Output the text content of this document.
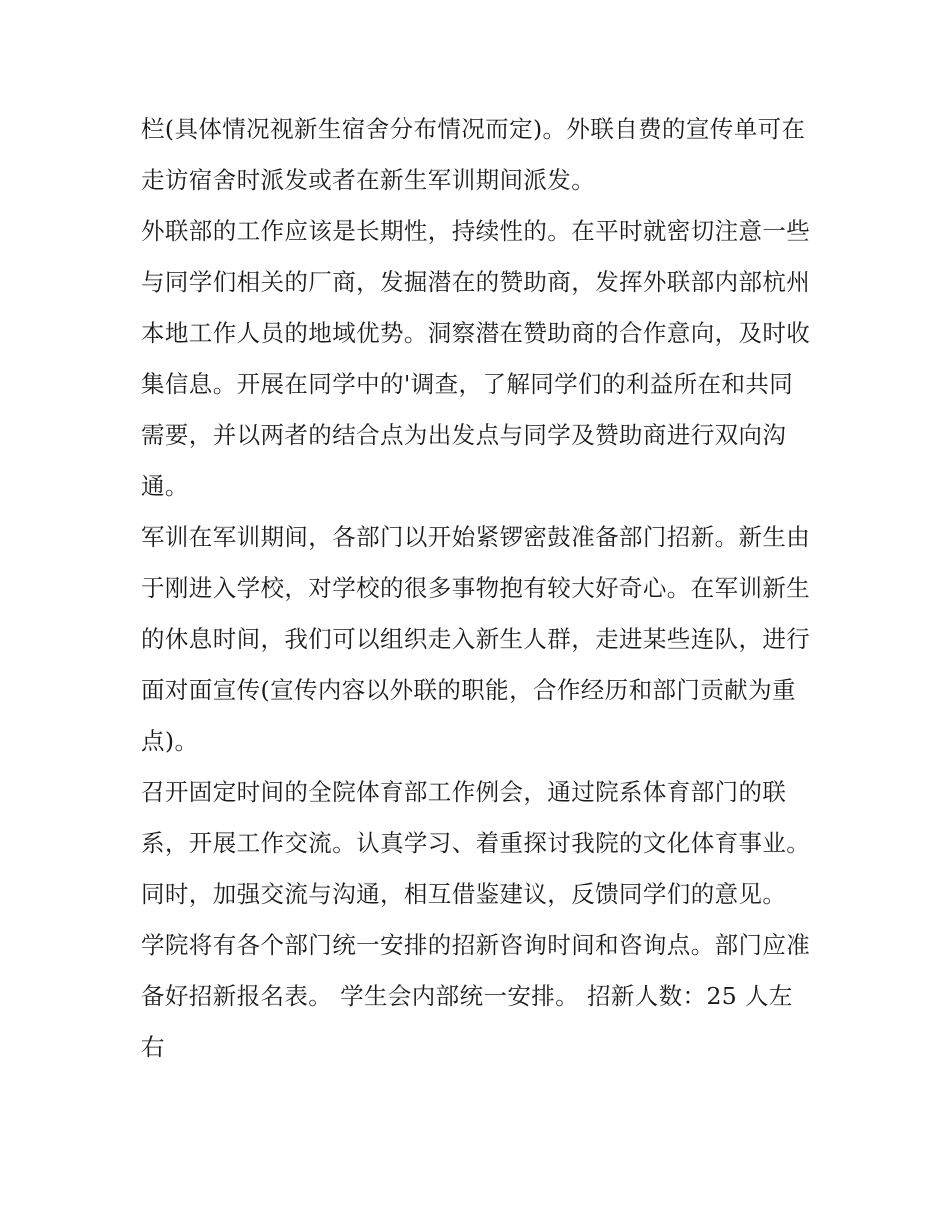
栏(具体情况视新生宿舍分布情况而定)。外联自费的宣传单可在走访宿舍时派发或者在新生军训期间派发。

外联部的工作应该是长期性，持续性的。在平时就密切注意一些与同学们相关的厂商，发掘潜在的赞助商，发挥外联部内部杭州本地工作人员的地域优势。洞察潜在赞助商的合作意向，及时收集信息。开展在同学中的'调查，了解同学们的利益所在和共同需要，并以两者的结合点为出发点与同学及赞助商进行双向沟通。

军训在军训期间，各部门以开始紧锣密鼓准备部门招新。新生由于刚进入学校，对学校的很多事物抱有较大好奇心。在军训新生的休息时间，我们可以组织走入新生人群，走进某些连队，进行面对面宣传(宣传内容以外联的职能，合作经历和部门贡献为重点)。

召开固定时间的全院体育部工作例会，通过院系体育部门的联系，开展工作交流。认真学习、着重探讨我院的文化体育事业。同时，加强交流与沟通，相互借鉴建议，反馈同学们的意见。

学院将有各个部门统一安排的招新咨询时间和咨询点。部门应准备好招新报名表。 学生会内部统一安排。 招新人数：25 人左右
